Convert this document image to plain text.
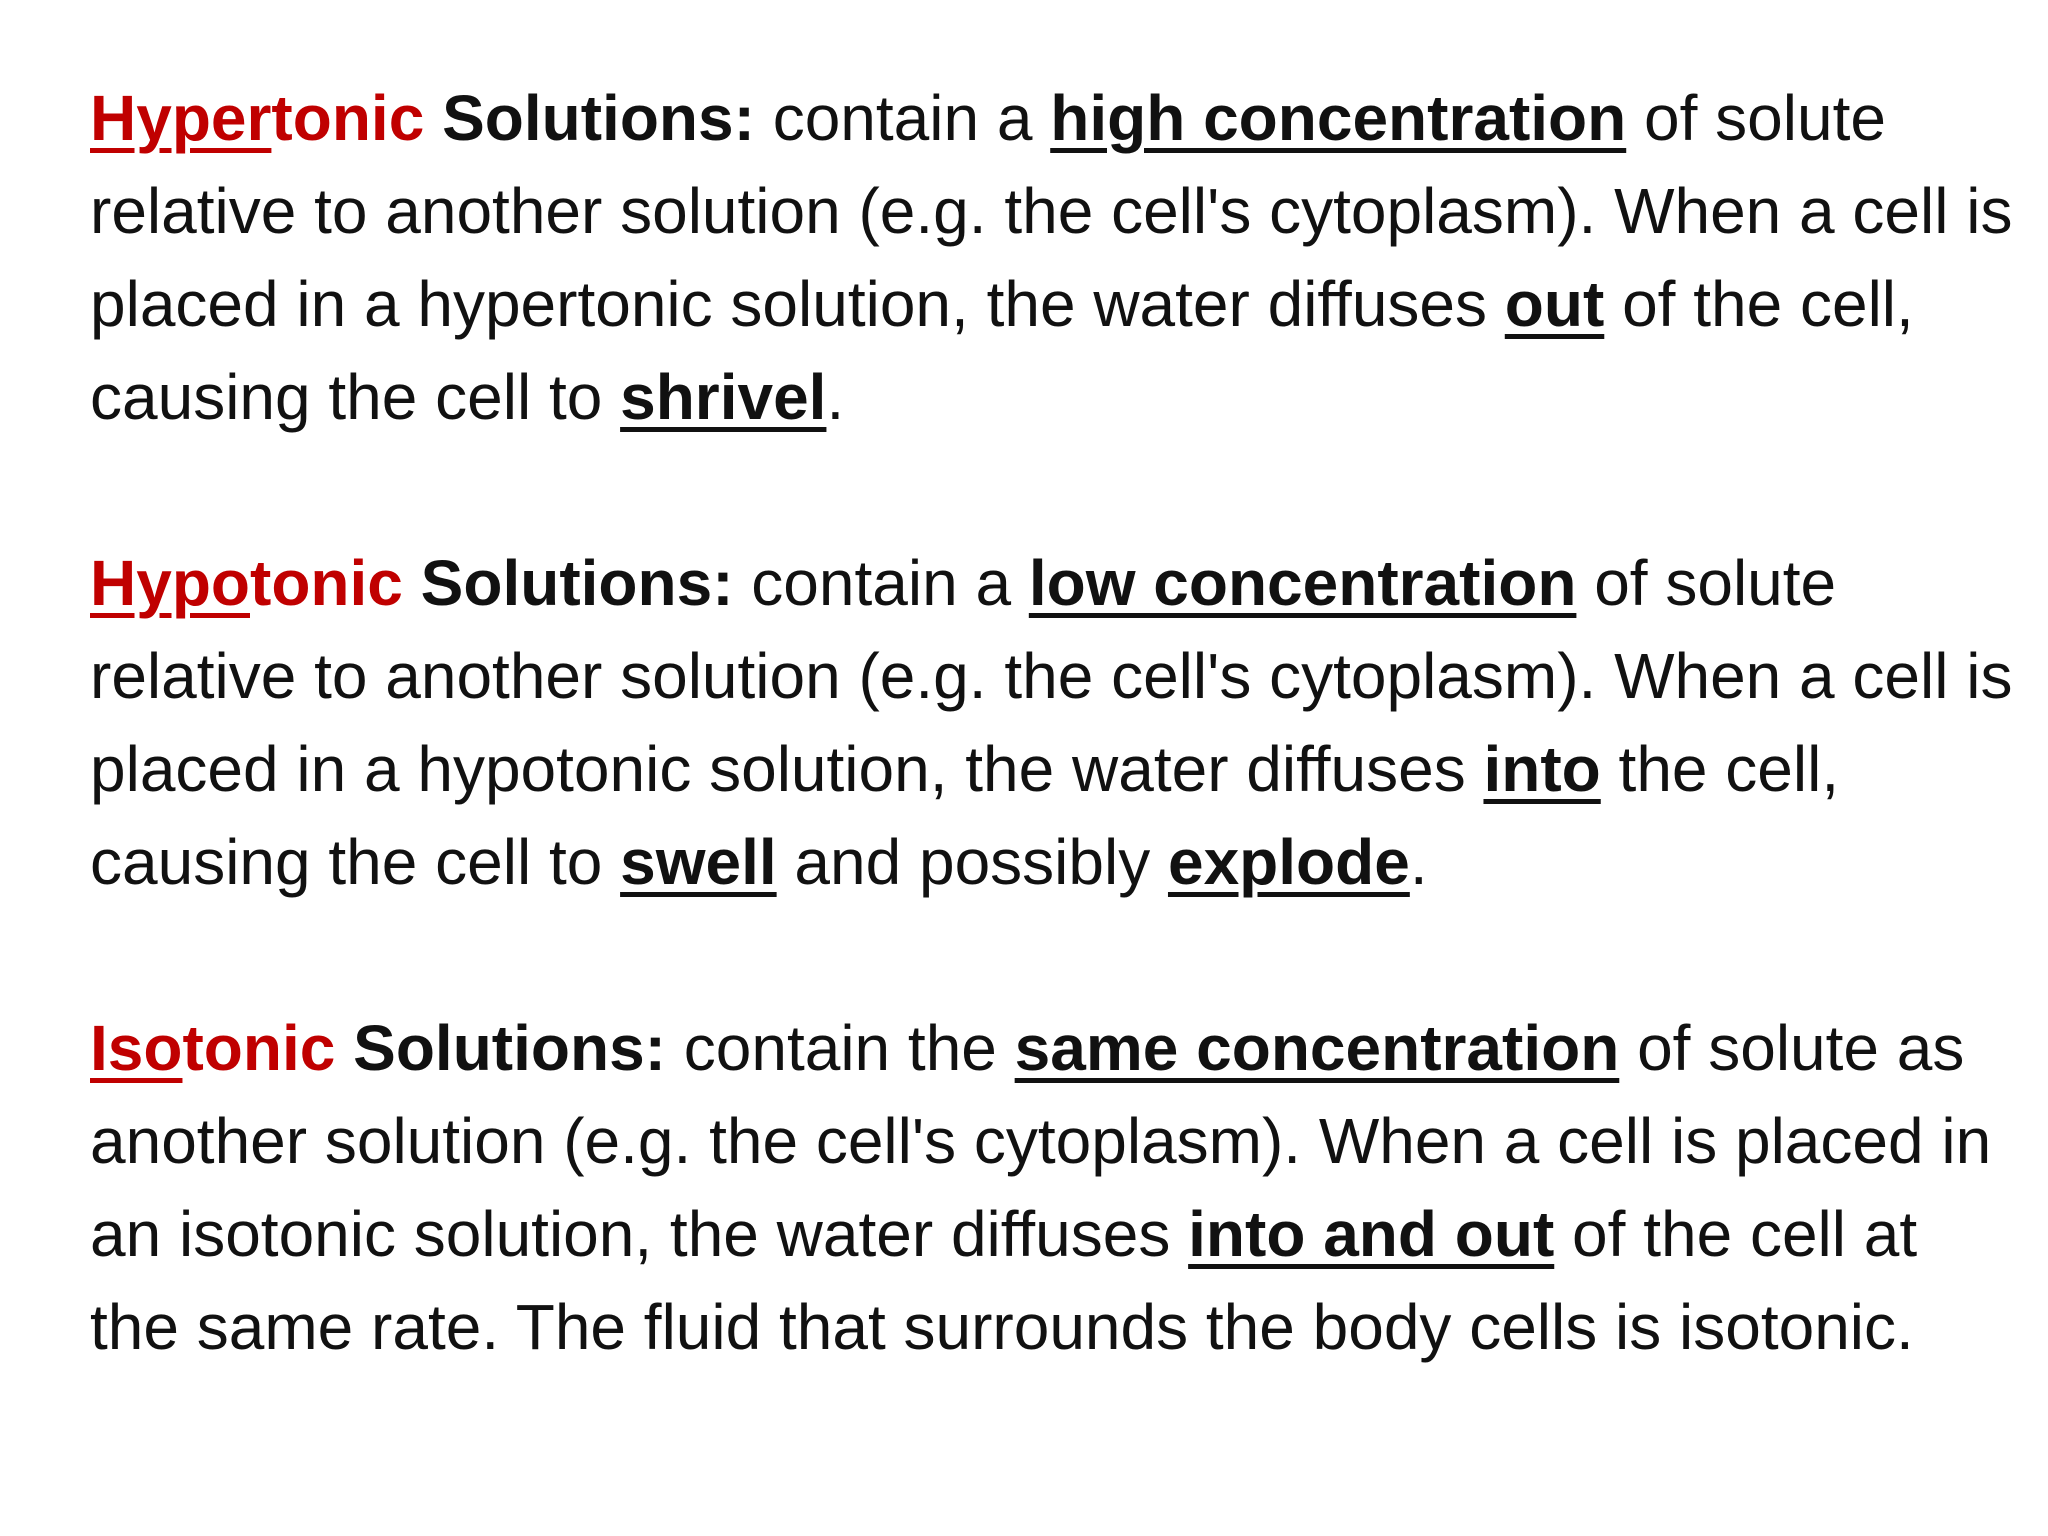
Hypertonic Solutions: contain a high concentration of solute relative to another solution (e.g. the cell's cytoplasm). When a cell is placed in a hypertonic solution, the water diffuses out of the cell, causing the cell to shrivel.

Hypotonic Solutions: contain a low concentration of solute relative to another solution (e.g. the cell's cytoplasm). When a cell is placed in a hypotonic solution, the water diffuses into the cell, causing the cell to swell and possibly explode.

Isotonic Solutions: contain the same concentration of solute as another solution (e.g. the cell's cytoplasm). When a cell is placed in an isotonic solution, the water diffuses into and out of the cell at the same rate. The fluid that surrounds the body cells is isotonic.
